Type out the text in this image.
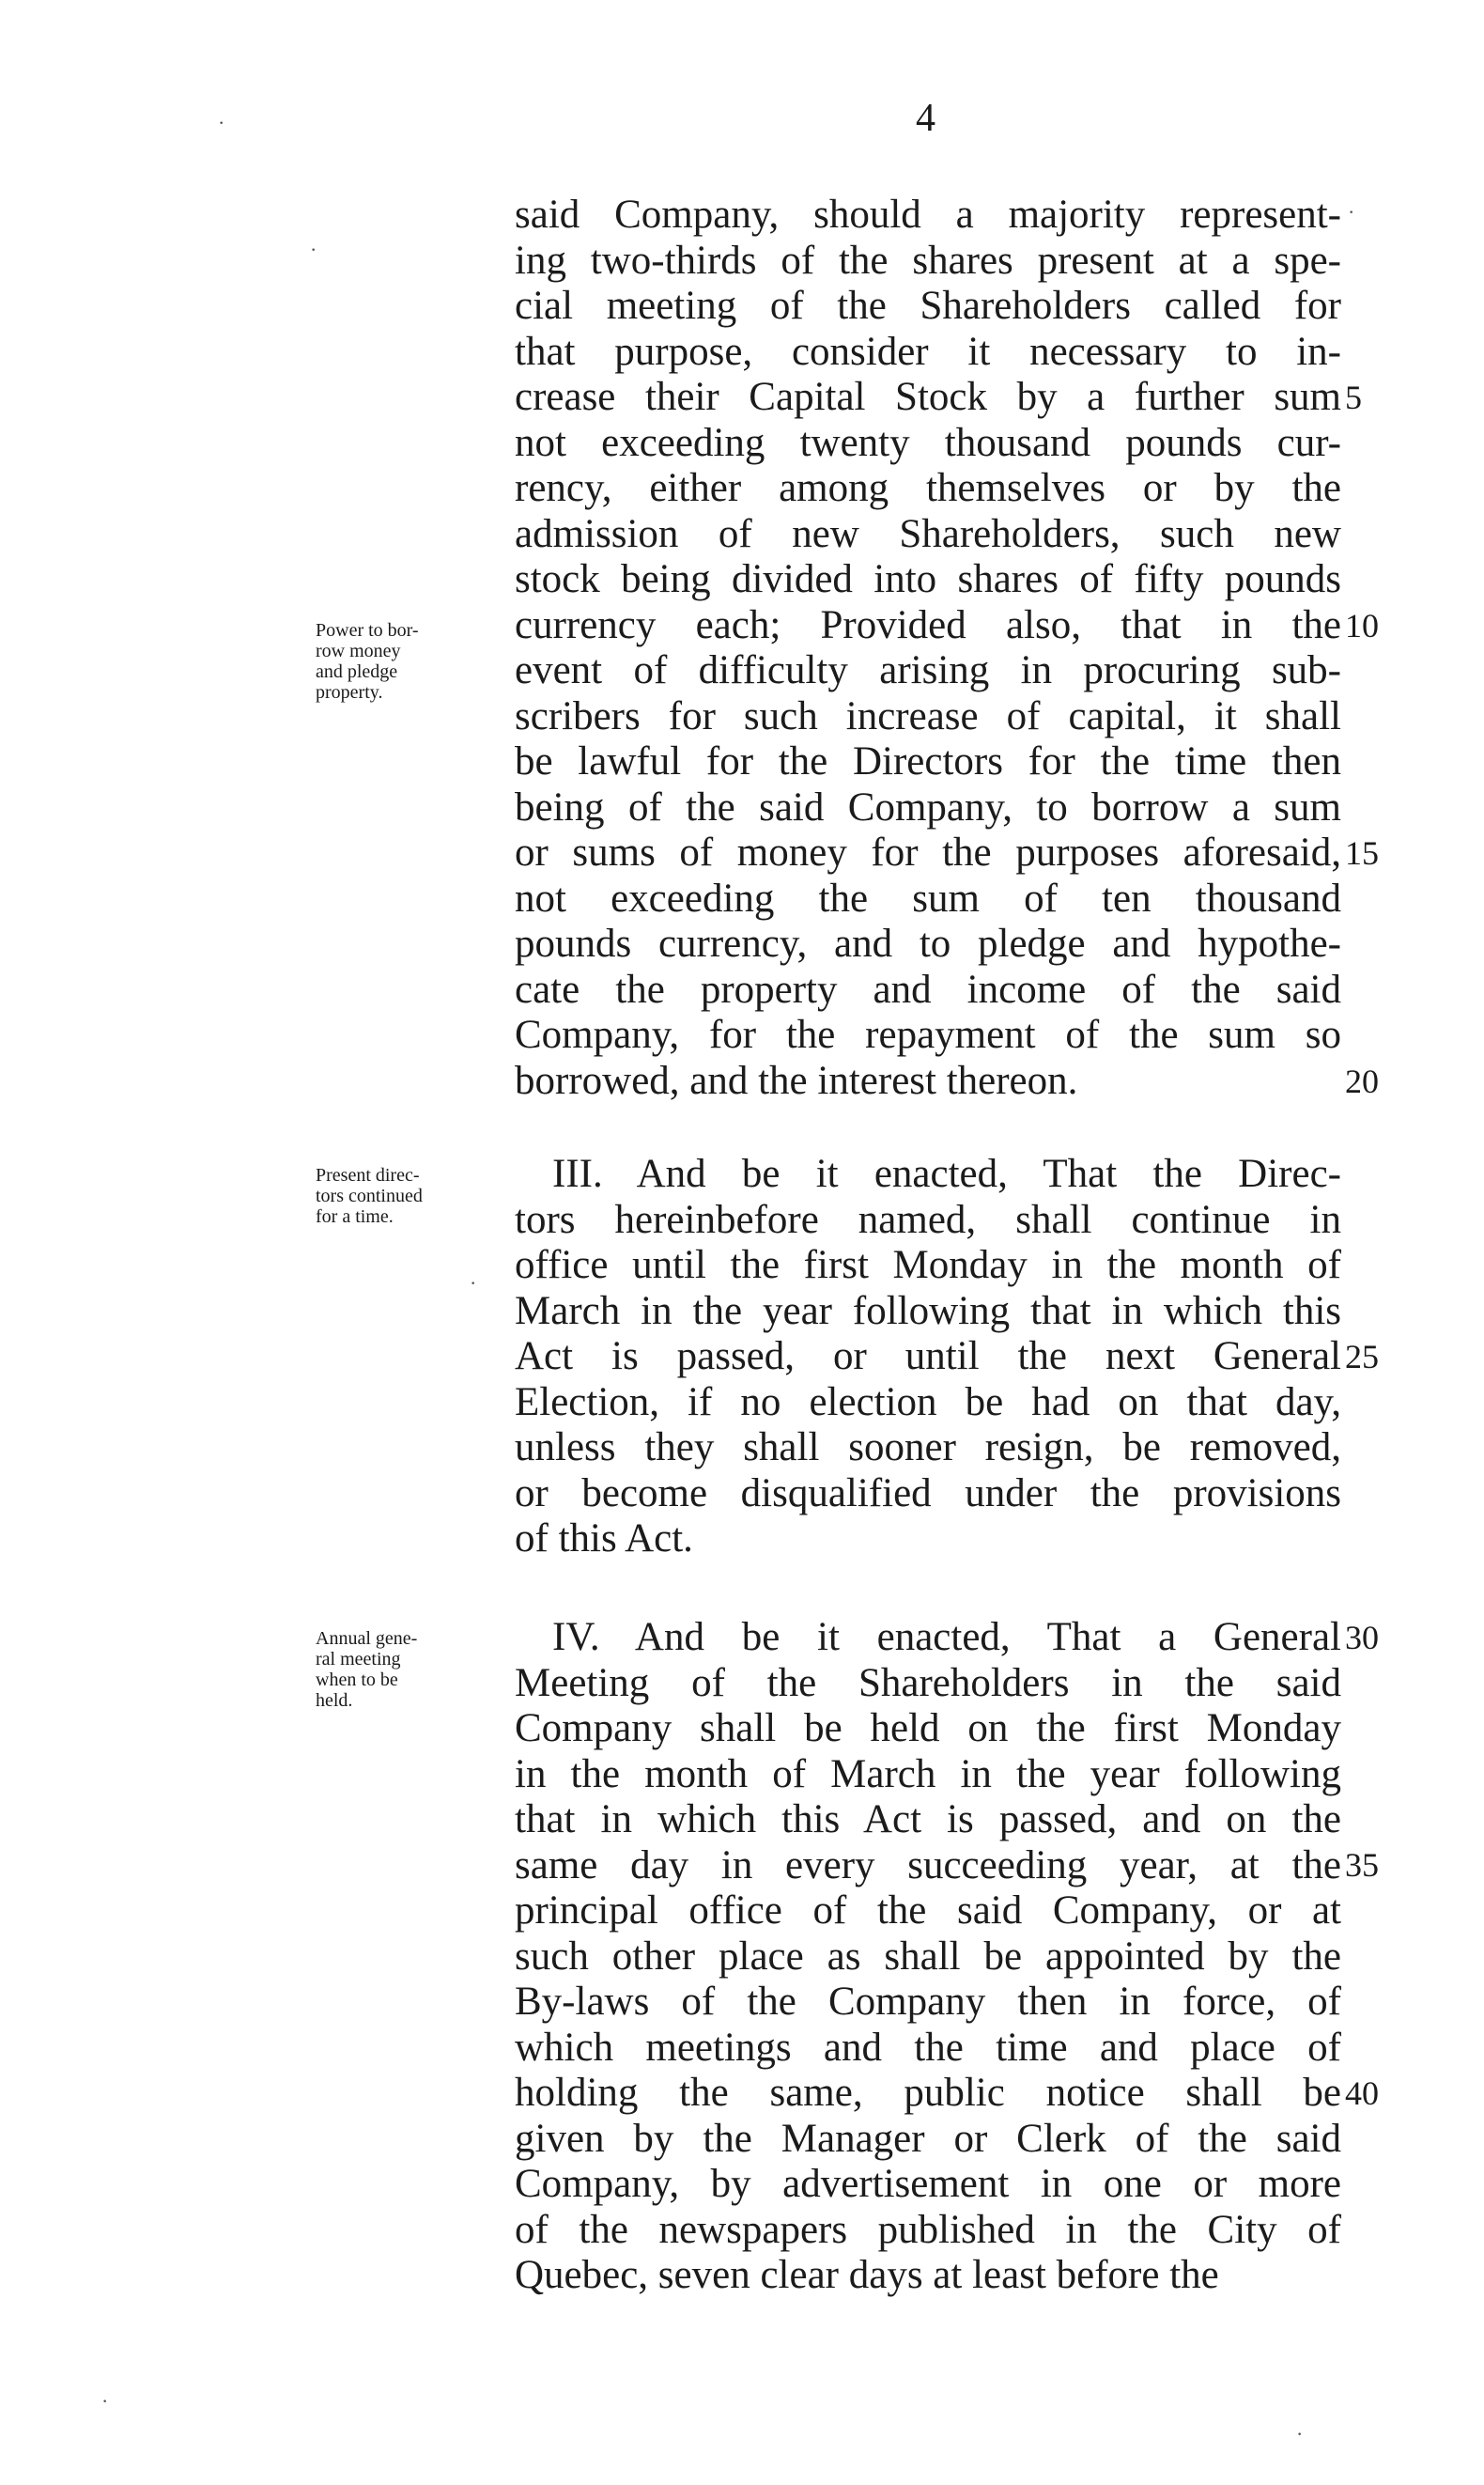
4
said Company, should a majority represent-
ing two-thirds of the shares present at a spe-
cial meeting of the Shareholders called for
that purpose, consider it necessary to in-
crease their Capital Stock by a further sum
not exceeding twenty thousand pounds cur-
rency, either among themselves or by the
admission of new Shareholders, such new
stock being divided into shares of fifty pounds
currency each; Provided also, that in the
event of difficulty arising in procuring sub-
scribers for such increase of capital, it shall
be lawful for the Directors for the time then
being of the said Company, to borrow a sum
or sums of money for the purposes aforesaid,
not exceeding the sum of ten thousand
pounds currency, and to pledge and hypothe-
cate the property and income of the said
Company, for the repayment of the sum so
borrowed, and the interest thereon.
III. And be it enacted, That the Direc-
tors hereinbefore named, shall continue in
office until the first Monday in the month of
March in the year following that in which this
Act is passed, or until the next General
Election, if no election be had on that day,
unless they shall sooner resign, be removed,
or become disqualified under the provisions
of this Act.
IV. And be it enacted, That a General
Meeting of the Shareholders in the said
Company shall be held on the first Monday
in the month of March in the year following
that in which this Act is passed, and on the
same day in every succeeding year, at the
principal office of the said Company, or at
such other place as shall be appointed by the
By-laws of the Company then in force, of
which meetings and the time and place of
holding the same, public notice shall be
given by the Manager or Clerk of the said
Company, by advertisement in one or more
of the newspapers published in the City of
Quebec, seven clear days at least before the
Power to bor-
row money
and pledge
property.
Present direc-
tors continued
for a time.
Annual gene-
ral meeting
when to be
held.
5
10
15
20
25
30
35
40
·
·
·
·
·
·
